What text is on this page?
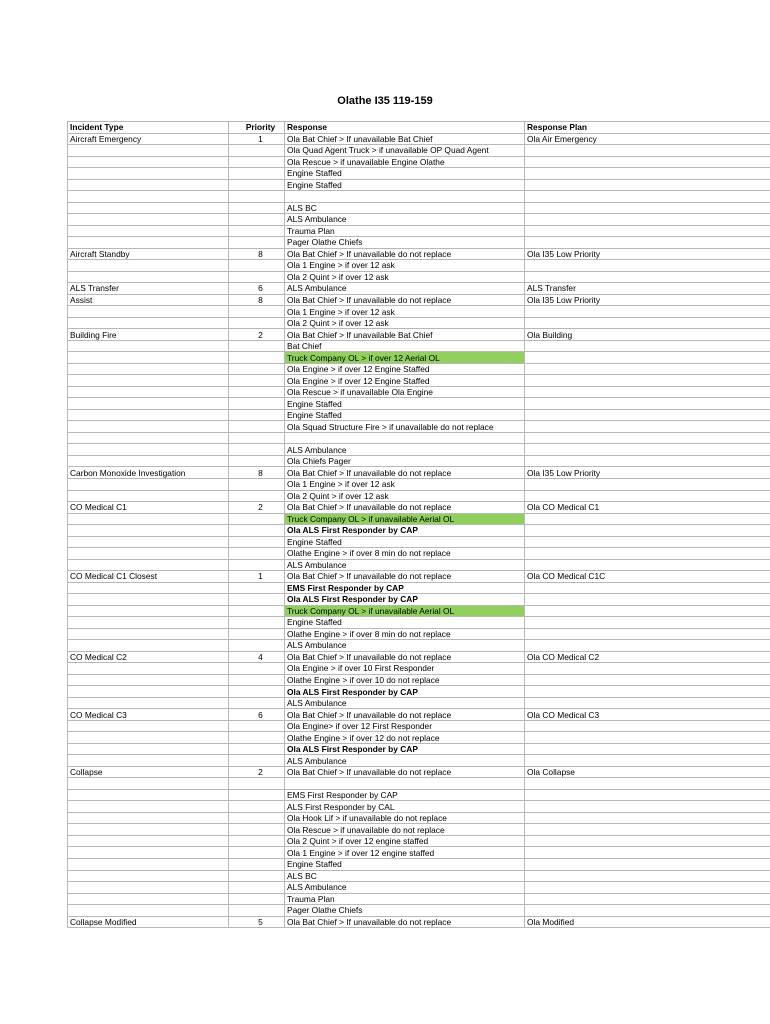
Olathe I35 119-159
Incident Type	Priority	Response	Response Plan
Aircraft Emergency	1	Ola Bat Chief > If unavailable Bat Chief	Ola Air Emergency
		Ola Quad Agent Truck > if unavailable OP Quad Agent	
		Ola Rescue > if unavailable Engine Olathe	
		Engine Staffed	
		Engine Staffed	

		ALS BC	
		ALS Ambulance	
		Trauma Plan	
		Pager Olathe Chiefs	
Aircraft Standby	8	Ola Bat Chief > If unavailable do not replace	Ola I35 Low Priority
		Ola 1 Engine > if over 12 ask	
		Ola 2 Quint > if over 12 ask	
ALS Transfer	6	ALS Ambulance	ALS Transfer
Assist	8	Ola Bat Chief > If unavailable do not replace	Ola I35 Low Priority
		Ola 1 Engine > if over 12 ask	
		Ola 2 Quint > if over 12 ask	
Building Fire	2	Ola Bat Chief > If unavailable Bat Chief	Ola Building
		Bat Chief	
		Truck Company OL > if over 12 Aerial OL	
		Ola Engine > if over 12 Engine Staffed	
		Ola Engine > if over 12 Engine Staffed	
		Ola Rescue > if unavailable Ola Engine	
		Engine Staffed	
		Engine Staffed	
		Ola Squad Structure Fire > if unavailable do not replace	

		ALS Ambulance	
		Ola Chiefs Pager	
Carbon Monoxide Investigation	8	Ola Bat Chief > If unavailable do not replace	Ola I35 Low Priority
		Ola 1 Engine > if over 12 ask	
		Ola 2 Quint > if over 12 ask	
CO Medical C1	2	Ola Bat Chief > If unavailable do not replace	Ola CO Medical C1
		Truck Company OL > if unavailable Aerial OL	
		Ola ALS First Responder by CAP	
		Engine Staffed	
		Olathe Engine > if over 8 min do not replace	
		ALS Ambulance	
CO Medical C1 Closest	1	Ola Bat Chief > If unavailable do not replace	Ola CO Medical C1C
		EMS First Responder by CAP	
		Ola ALS First Responder by CAP	
		Truck Company OL > if unavailable Aerial OL	
		Engine Staffed	
		Olathe Engine > if over 8 min do not replace	
		ALS Ambulance	
CO Medical C2	4	Ola Bat Chief > If unavailable do not replace	Ola CO Medical C2
		Ola Engine > if over 10 First Responder	
		Olathe Engine > if over 10 do not replace	
		Ola ALS First Responder by CAP	
		ALS Ambulance	
CO Medical C3	6	Ola Bat Chief > If unavailable do not replace	Ola CO Medical C3
		Ola Engine> if over 12 First Responder	
		Olathe Engine > if over 12 do not replace	
		Ola ALS First Responder by CAP	
		ALS Ambulance	
Collapse	2	Ola Bat Chief > If unavailable do not replace	Ola Collapse

		EMS First Responder by CAP	
		ALS First Responder by CAL	
		Ola Hook Lif > if unavailable do not replace	
		Ola Rescue > if unavailable do not replace	
		Ola 2 Quint > if over 12 engine staffed	
		Ola 1 Engine > if over 12 engine staffed	
		Engine Staffed	
		ALS BC	
		ALS Ambulance	
		Trauma Plan	
		Pager Olathe Chiefs	
Collapse Modified	5	Ola Bat Chief > If unavailable do not replace	Ola Modified
